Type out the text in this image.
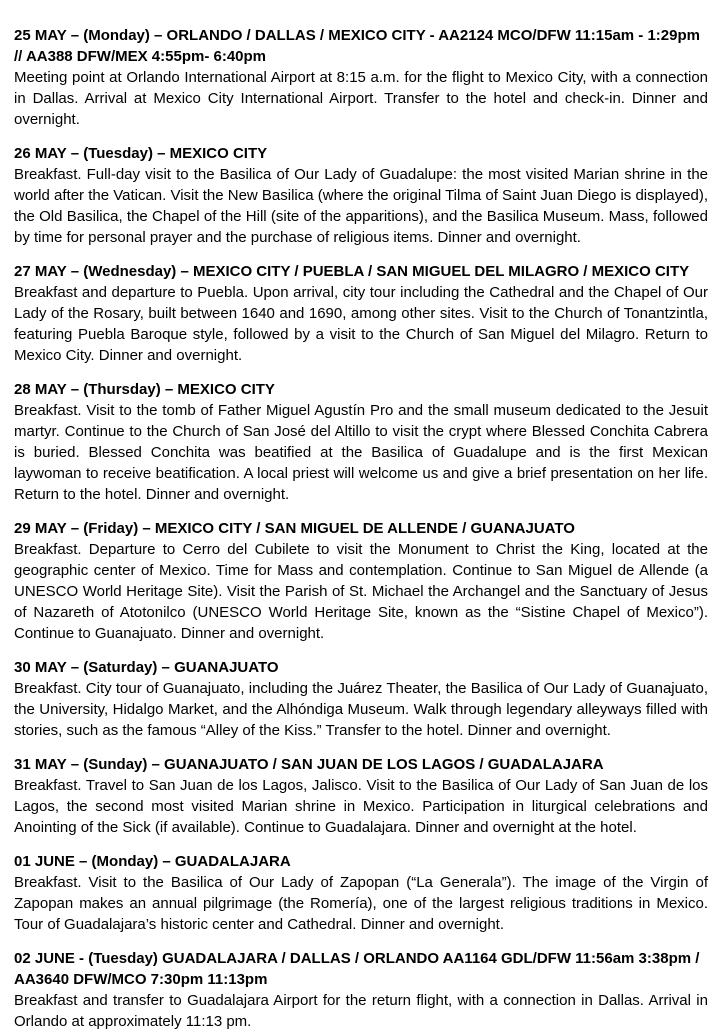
25 MAY – (Monday) – ORLANDO / DALLAS / MEXICO CITY - AA2124 MCO/DFW 11:15am - 1:29pm // AA388 DFW/MEX 4:55pm- 6:40pm
Meeting point at Orlando International Airport at 8:15 a.m. for the flight to Mexico City, with a connection in Dallas. Arrival at Mexico City International Airport. Transfer to the hotel and check-in. Dinner and overnight.
26 MAY – (Tuesday) – MEXICO CITY
Breakfast. Full-day visit to the Basilica of Our Lady of Guadalupe: the most visited Marian shrine in the world after the Vatican. Visit the New Basilica (where the original Tilma of Saint Juan Diego is displayed), the Old Basilica, the Chapel of the Hill (site of the apparitions), and the Basilica Museum. Mass, followed by time for personal prayer and the purchase of religious items. Dinner and overnight.
27 MAY – (Wednesday) – MEXICO CITY / PUEBLA / SAN MIGUEL DEL MILAGRO / MEXICO CITY
Breakfast and departure to Puebla. Upon arrival, city tour including the Cathedral and the Chapel of Our Lady of the Rosary, built between 1640 and 1690, among other sites. Visit to the Church of Tonantzintla, featuring Puebla Baroque style, followed by a visit to the Church of San Miguel del Milagro. Return to Mexico City. Dinner and overnight.
28 MAY – (Thursday) – MEXICO CITY
Breakfast. Visit to the tomb of Father Miguel Agustín Pro and the small museum dedicated to the Jesuit martyr. Continue to the Church of San José del Altillo to visit the crypt where Blessed Conchita Cabrera is buried. Blessed Conchita was beatified at the Basilica of Guadalupe and is the first Mexican laywoman to receive beatification. A local priest will welcome us and give a brief presentation on her life. Return to the hotel. Dinner and overnight.
29 MAY – (Friday) – MEXICO CITY / SAN MIGUEL DE ALLENDE / GUANAJUATO
Breakfast. Departure to Cerro del Cubilete to visit the Monument to Christ the King, located at the geographic center of Mexico. Time for Mass and contemplation. Continue to San Miguel de Allende (a UNESCO World Heritage Site). Visit the Parish of St. Michael the Archangel and the Sanctuary of Jesus of Nazareth of Atotonilco (UNESCO World Heritage Site, known as the “Sistine Chapel of Mexico”). Continue to Guanajuato. Dinner and overnight.
30 MAY – (Saturday) – GUANAJUATO
Breakfast. City tour of Guanajuato, including the Juárez Theater, the Basilica of Our Lady of Guanajuato, the University, Hidalgo Market, and the Alhóndiga Museum. Walk through legendary alleyways filled with stories, such as the famous “Alley of the Kiss.” Transfer to the hotel. Dinner and overnight.
31 MAY – (Sunday) – GUANAJUATO / SAN JUAN DE LOS LAGOS / GUADALAJARA
Breakfast. Travel to San Juan de los Lagos, Jalisco. Visit to the Basilica of Our Lady of San Juan de los Lagos, the second most visited Marian shrine in Mexico. Participation in liturgical celebrations and Anointing of the Sick (if available). Continue to Guadalajara. Dinner and overnight at the hotel.
01 JUNE – (Monday) – GUADALAJARA
Breakfast. Visit to the Basilica of Our Lady of Zapopan (“La Generala”). The image of the Virgin of Zapopan makes an annual pilgrimage (the Romería), one of the largest religious traditions in Mexico. Tour of Guadalajara’s historic center and Cathedral. Dinner and overnight.
02 JUNE - (Tuesday) GUADALAJARA / DALLAS / ORLANDO AA1164 GDL/DFW 11:56am 3:38pm / AA3640 DFW/MCO 7:30pm 11:13pm
Breakfast and transfer to Guadalajara Airport for the return flight, with a connection in Dallas. Arrival in Orlando at approximately 11:13 pm.
